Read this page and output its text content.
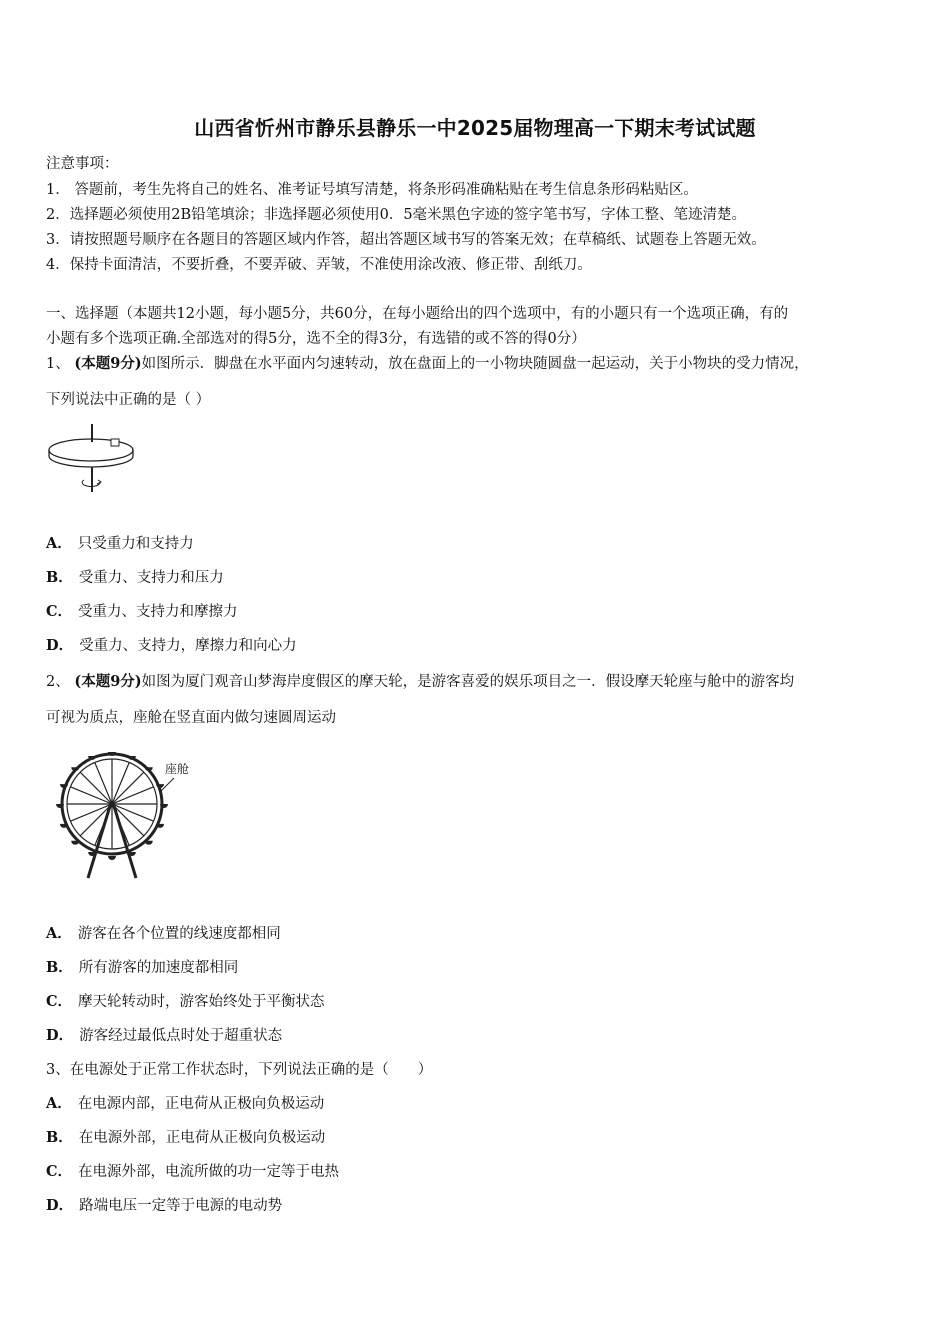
山西省忻州市静乐县静乐一中2025届物理高一下期末考试试题
注意事项：
1． 答题前，考生先将自己的姓名、准考证号填写清楚，将条形码准确粘贴在考生信息条形码粘贴区。
2．选择题必须使用2B铅笔填涂；非选择题必须使用0．5毫米黑色字迹的签字笔书写，字体工整、笔迹清楚。
3．请按照题号顺序在各题目的答题区域内作答，超出答题区域书写的答案无效；在草稿纸、试题卷上答题无效。
4．保持卡面清洁，不要折叠，不要弄破、弄皱，不准使用涂改液、修正带、刮纸刀。
一、选择题（本题共12小题，每小题5分，共60分，在每小题给出的四个选项中，有的小题只有一个选项正确，有的
小题有多个选项正确.全部选对的得5分，选不全的得3分，有选错的或不答的得0分）
1、 (本题9分)如图所示．脚盘在水平面内匀速转动，放在盘面上的一小物块随圆盘一起运动，关于小物块的受力情况，
下列说法中正确的是（ ）
A． 只受重力和支持力
B． 受重力、支持力和压力
C． 受重力、支持力和摩擦力
D． 受重力、支持力，摩擦力和向心力
2、 (本题9分)如图为厦门观音山梦海岸度假区的摩天轮，是游客喜爱的娱乐项目之一．假设摩天轮座与舱中的游客均
可视为质点，座舱在竖直面内做匀速圆周运动
座舱
A． 游客在各个位置的线速度都相同
B． 所有游客的加速度都相同
C． 摩天轮转动时，游客始终处于平衡状态
D． 游客经过最低点时处于超重状态
3、在电源处于正常工作状态时，下列说法正确的是（　　）
A． 在电源内部，正电荷从正极向负极运动
B． 在电源外部，正电荷从正极向负极运动
C． 在电源外部，电流所做的功一定等于电热
D． 路端电压一定等于电源的电动势
